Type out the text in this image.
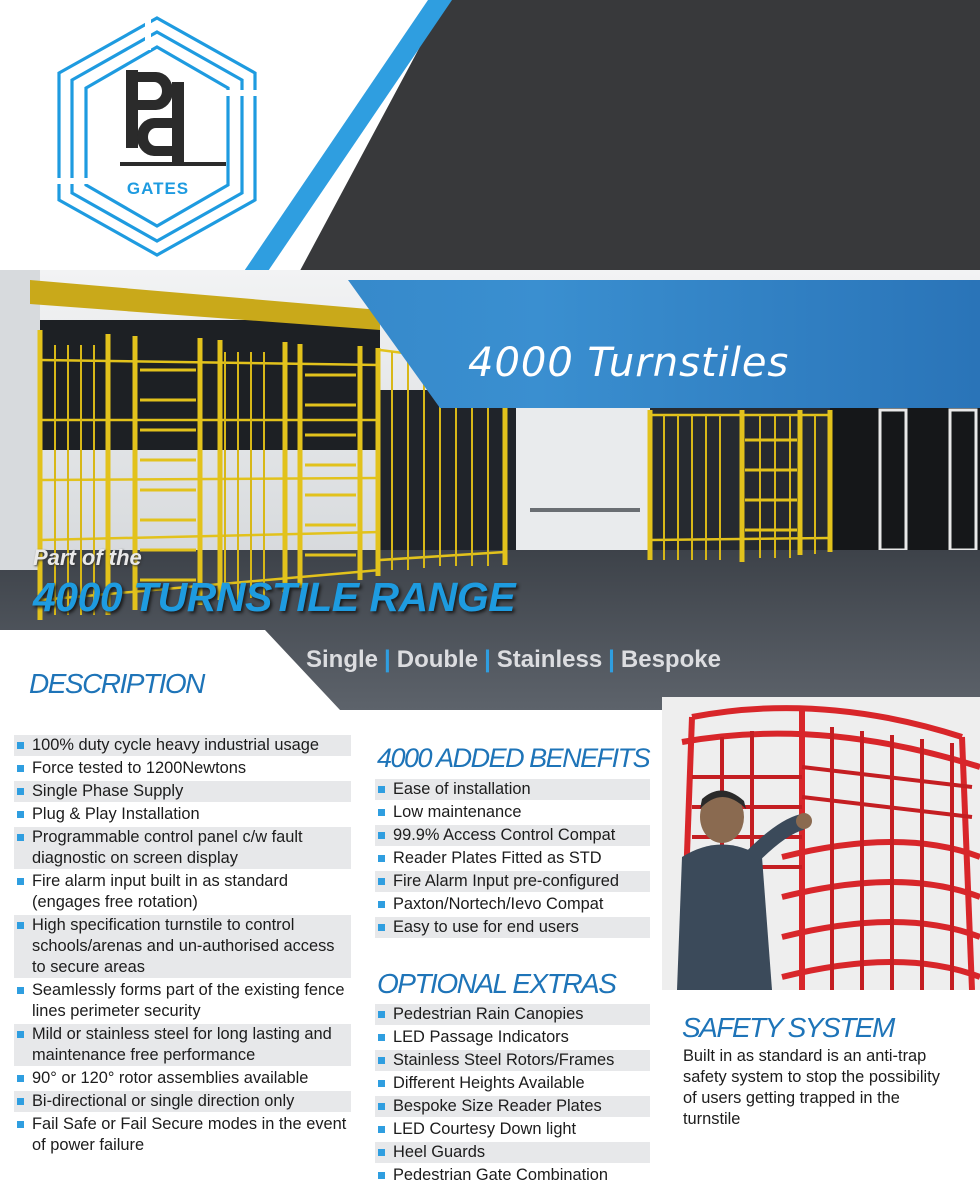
GATES
4000 Turnstiles
Part of the
4000 TURNSTILE RANGE
Single | Double | Stainless | Bespoke
DESCRIPTION
100% duty cycle heavy industrial usage
Force tested to 1200Newtons
Single Phase Supply
Plug & Play Installation
Programmable control panel c/w fault diagnostic on screen display
Fire alarm input built in as standard (engages free rotation)
High specification turnstile to control schools/arenas and un-authorised access to secure areas
Seamlessly forms part of the existing fence lines perimeter security
Mild or stainless steel for long lasting and maintenance free performance
90° or 120° rotor assemblies available
Bi-directional or single direction only
Fail Safe or Fail Secure modes in the event of power failure
4000 ADDED BENEFITS
Ease of installation
Low maintenance
99.9% Access Control Compat
Reader Plates Fitted as STD
Fire Alarm Input pre-configured
Paxton/Nortech/Ievo Compat
Easy to use for end users
OPTIONAL EXTRAS
Pedestrian Rain Canopies
LED Passage Indicators
Stainless Steel Rotors/Frames
Different Heights Available
Bespoke Size Reader Plates
LED Courtesy Down light
Heel Guards
Pedestrian Gate Combination
SAFETY SYSTEM

Built in as standard is an anti-trap safety system to stop the possibility of users getting trapped in the turnstile
